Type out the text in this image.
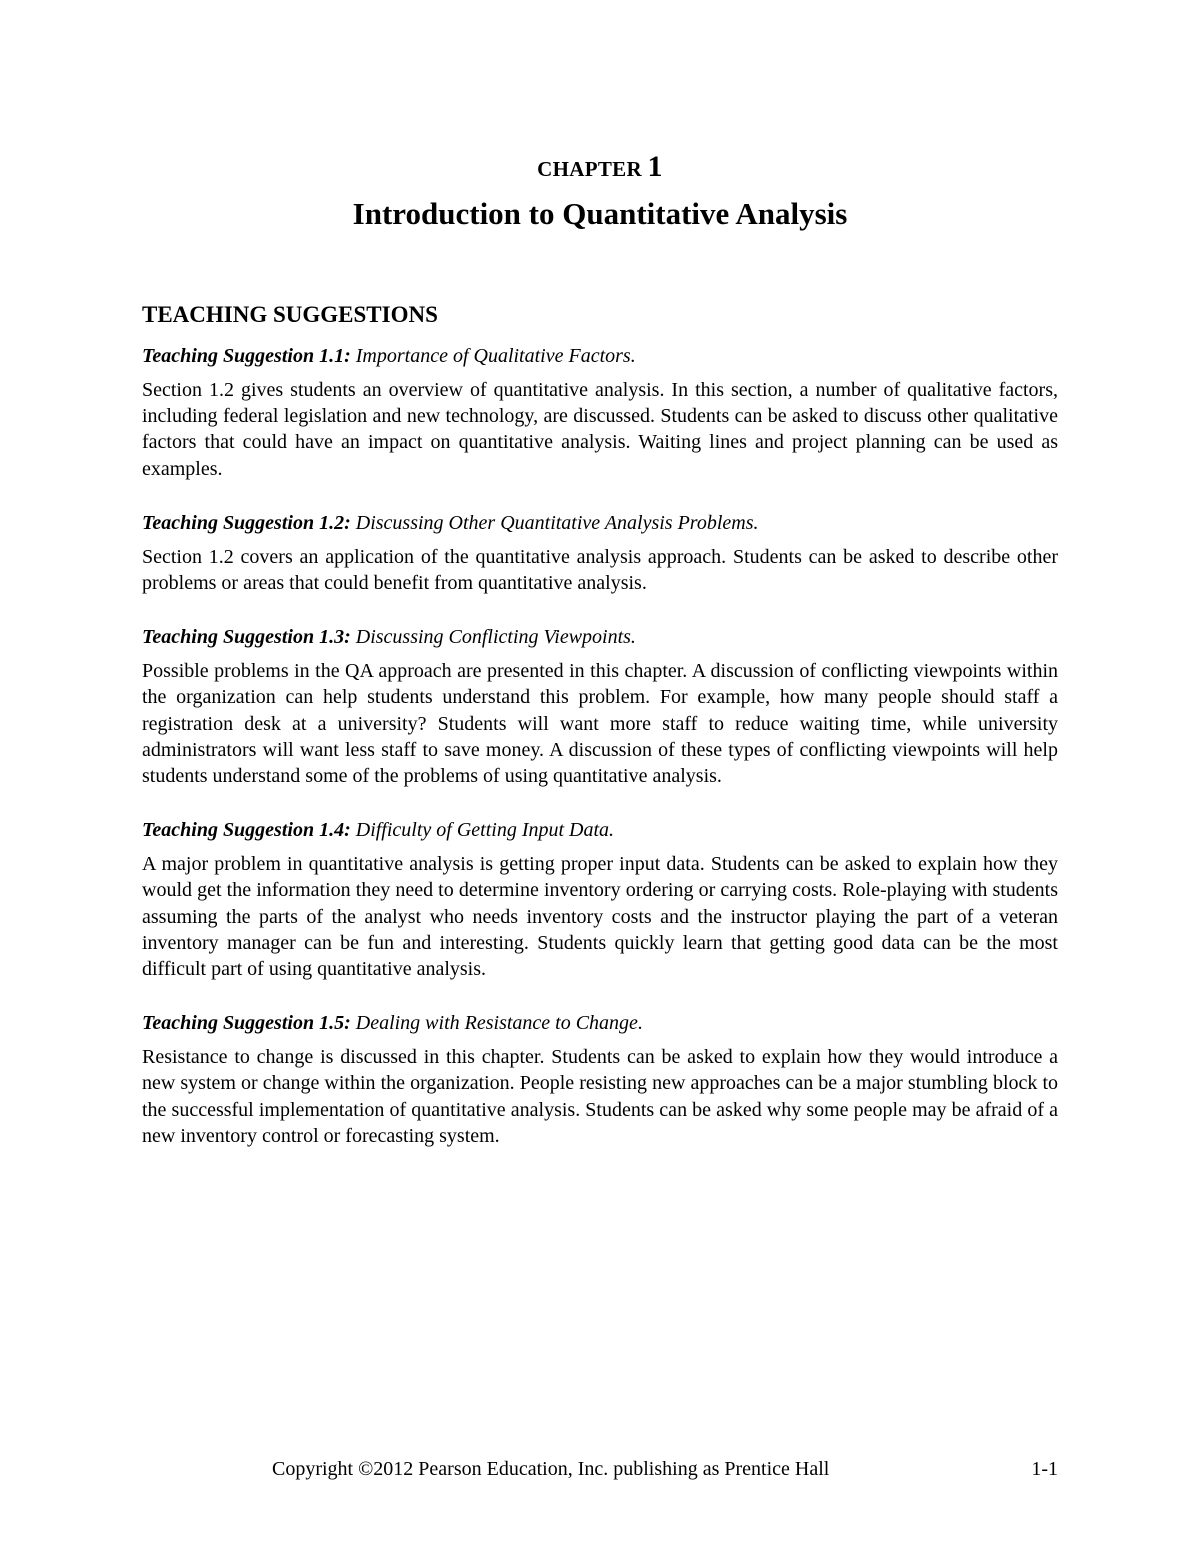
CHAPTER 1
Introduction to Quantitative Analysis
TEACHING SUGGESTIONS

Teaching Suggestion 1.1: Importance of Qualitative Factors.

Section 1.2 gives students an overview of quantitative analysis. In this section, a number of qualitative factors, including federal legislation and new technology, are discussed. Students can be asked to discuss other qualitative factors that could have an impact on quantitative analysis. Waiting lines and project planning can be used as examples.

Teaching Suggestion 1.2: Discussing Other Quantitative Analysis Problems.

Section 1.2 covers an application of the quantitative analysis approach. Students can be asked to describe other problems or areas that could benefit from quantitative analysis.

Teaching Suggestion 1.3: Discussing Conflicting Viewpoints.

Possible problems in the QA approach are presented in this chapter. A discussion of conflicting viewpoints within the organization can help students understand this problem. For example, how many people should staff a registration desk at a university? Students will want more staff to reduce waiting time, while university administrators will want less staff to save money. A discussion of these types of conflicting viewpoints will help students understand some of the problems of using quantitative analysis.

Teaching Suggestion 1.4: Difficulty of Getting Input Data.

A major problem in quantitative analysis is getting proper input data. Students can be asked to explain how they would get the information they need to determine inventory ordering or carrying costs. Role-playing with students assuming the parts of the analyst who needs inventory costs and the instructor playing the part of a veteran inventory manager can be fun and interesting. Students quickly learn that getting good data can be the most difficult part of using quantitative analysis.

Teaching Suggestion 1.5: Dealing with Resistance to Change.

Resistance to change is discussed in this chapter. Students can be asked to explain how they would introduce a new system or change within the organization. People resisting new approaches can be a major stumbling block to the successful implementation of quantitative analysis. Students can be asked why some people may be afraid of a new inventory control or forecasting system.

Copyright ©2012 Pearson Education, Inc. publishing as Prentice Hall	1-1
